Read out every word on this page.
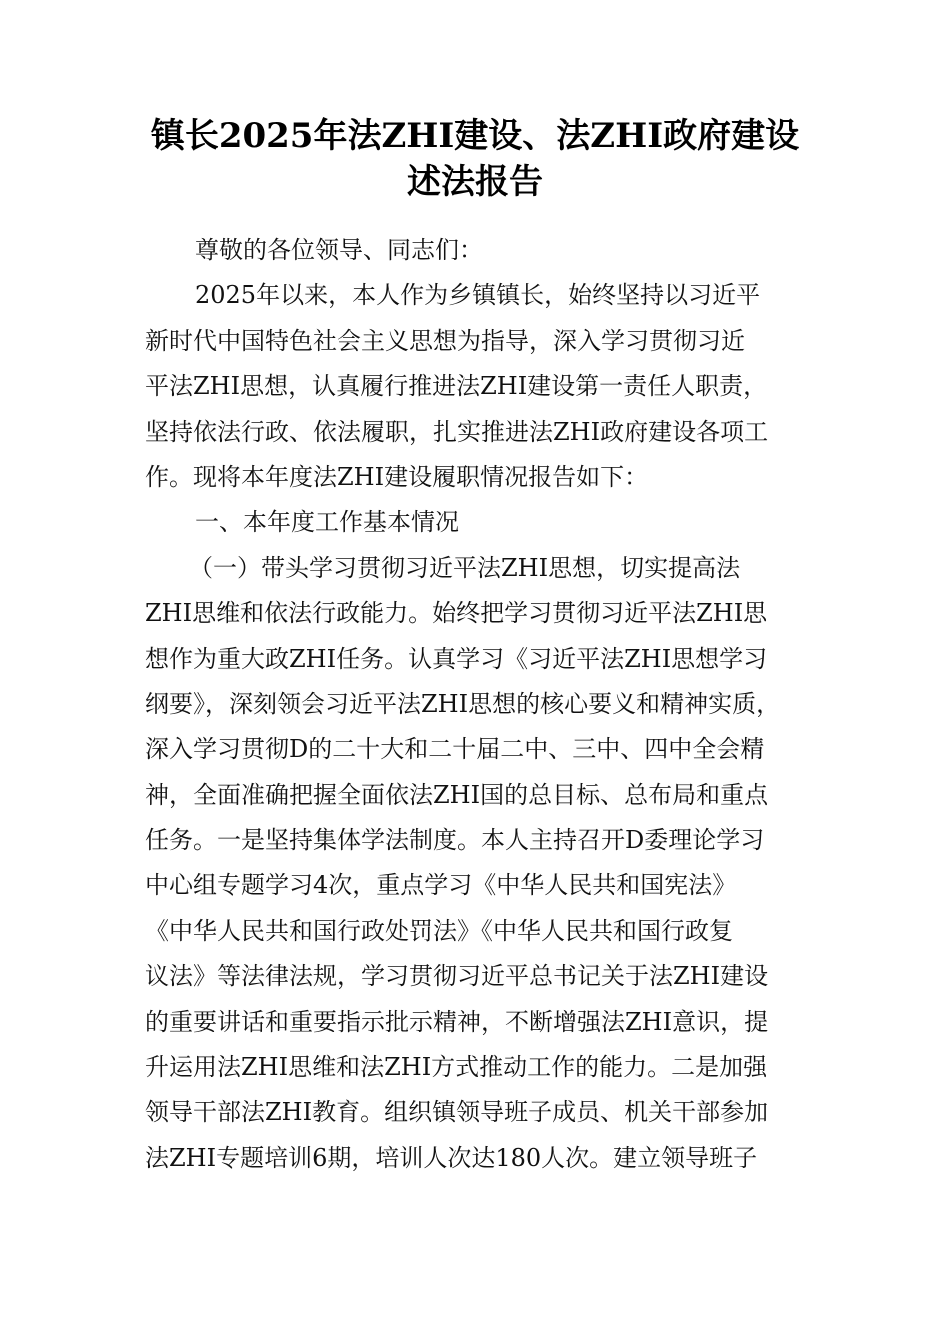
镇长2025年法ZHI建设、法ZHI政府建设
述法报告
尊敬的各位领导、同志们：
2025年以来，本人作为乡镇镇长，始终坚持以习近平
新时代中国特色社会主义思想为指导，深入学习贯彻习近
平法ZHI思想，认真履行推进法ZHI建设第一责任人职责，
坚持依法行政、依法履职，扎实推进法ZHI政府建设各项工
作。现将本年度法ZHI建设履职情况报告如下：
一、本年度工作基本情况
（一）带头学习贯彻习近平法ZHI思想，切实提高法
ZHI思维和依法行政能力。始终把学习贯彻习近平法ZHI思
想作为重大政ZHI任务。认真学习《习近平法ZHI思想学习
纲要》，深刻领会习近平法ZHI思想的核心要义和精神实质，
深入学习贯彻D的二十大和二十届二中、三中、四中全会精
神，全面准确把握全面依法ZHI国的总目标、总布局和重点
任务。一是坚持集体学法制度。本人主持召开D委理论学习
中心组专题学习4次，重点学习《中华人民共和国宪法》
《中华人民共和国行政处罚法》《中华人民共和国行政复
议法》等法律法规，学习贯彻习近平总书记关于法ZHI建设
的重要讲话和重要指示批示精神，不断增强法ZHI意识，提
升运用法ZHI思维和法ZHI方式推动工作的能力。二是加强
领导干部法ZHI教育。组织镇领导班子成员、机关干部参加
法ZHI专题培训6期，培训人次达180人次。建立领导班子
